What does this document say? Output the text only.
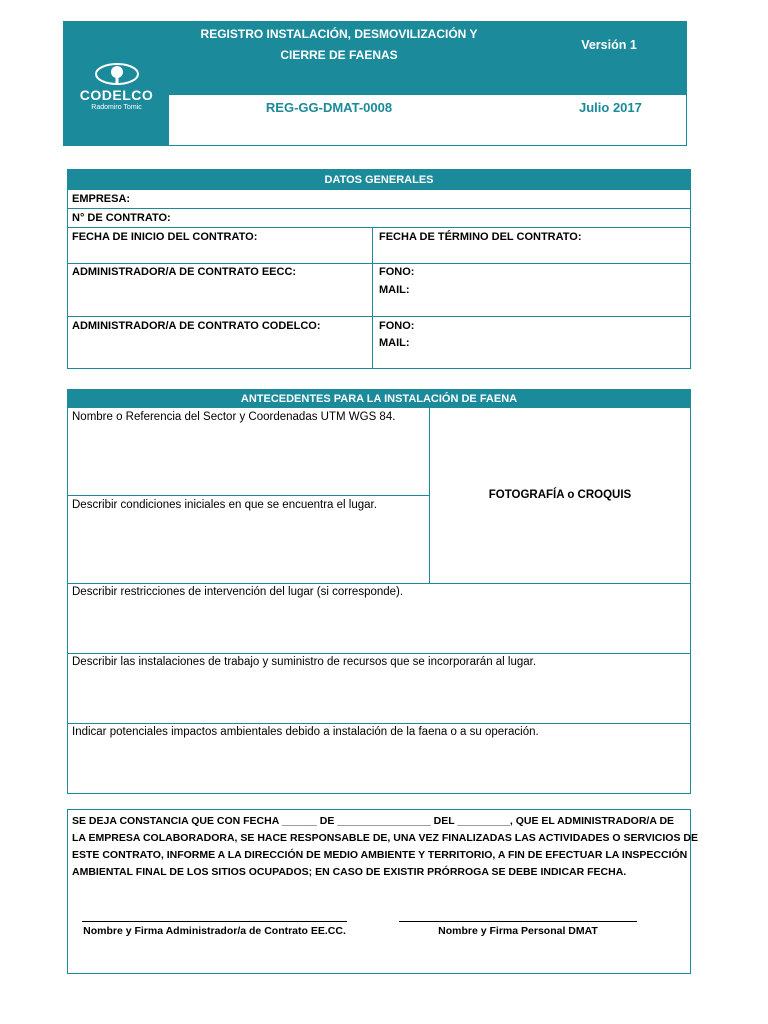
CODELCO
Radomiro Tomic
REGISTRO INSTALACIÓN, DESMOVILIZACIÓN Y
CIERRE DE FAENAS
Versión 1
REG-GG-DMAT-0008	Julio 2017
DATOS GENERALES
EMPRESA:
N° DE CONTRATO:
FECHA DE INICIO DEL CONTRATO:	FECHA DE TÉRMINO DEL CONTRATO:
ADMINISTRADOR/A DE CONTRATO EECC:	FONO:
MAIL:
ADMINISTRADOR/A DE CONTRATO CODELCO:	FONO:
MAIL:
ANTECEDENTES PARA LA INSTALACIÓN DE FAENA
Nombre o Referencia del Sector y Coordenadas UTM WGS 84.
Describir condiciones iniciales en que se encuentra el lugar.
FOTOGRAFÍA o CROQUIS
Describir restricciones de intervención del lugar (si corresponde).
Describir las instalaciones de trabajo y suministro de recursos que se incorporarán al lugar.
Indicar potenciales impactos ambientales debido a instalación de la faena o a su operación.
SE DEJA CONSTANCIA QUE CON FECHA ______ DE ________________ DEL _________, QUE EL ADMINISTRADOR/A DE
LA EMPRESA COLABORADORA, SE HACE RESPONSABLE DE, UNA VEZ FINALIZADAS LAS ACTIVIDADES O SERVICIOS DE
ESTE CONTRATO, INFORME A LA DIRECCIÓN DE MEDIO AMBIENTE Y TERRITORIO, A FIN DE EFECTUAR LA INSPECCIÓN
AMBIENTAL FINAL DE LOS SITIOS OCUPADOS; EN CASO DE EXISTIR PRÓRROGA SE DEBE INDICAR FECHA.
Nombre y Firma Administrador/a de Contrato EE.CC.	Nombre y Firma Personal DMAT
